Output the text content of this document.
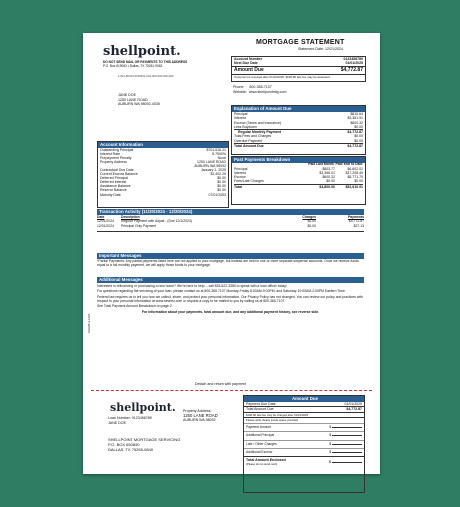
MORTGAGE STATEMENT
Statement Date: 12/21/2024
shellpoint.
DO NOT SEND MAIL OR PAYMENTS TO THIS ADDRESS
P.O. Box 619063 • Dallas, TX 75261-9063
1-811-86434-0000621-001-000-000-000-000
JANE DOE
1250 LANE ROAD
AUBURN WA 98092-4035
Account Number	0123456789
Next Due Date	01/01/2025
Amount Due	$4,772.87
If payment is received after 01/16/2025, $190.90 late fee may be assessed
Phone: 800-365-7107
Website: www.shellpointmtg.com
Explanation of Amount Due
Principal	$810.64
Interest	$3,361.91
Escrow (Taxes and Insurance)	$600.32
Less Buydown	$0.00
Regular Monthly Payment	$4,772.87
Total Fees and Charges	$0.00
Overdue Payment	$0.00
Total Amount Due	$4,772.87
Account Information
Outstanding Principal	$701,616.21
Interest Rate	5.7500%
Prepayment Penalty	None
Property Address	1250 LANE ROAD
AUBURN WA 98092
Contractual Due Date	January 1, 2025
Current Escrow Balance	$2,402.29
Deferred Principal	$0.00
Deferred Interest	$0.00
Assistance Balance	$0.00
Reserve Balance	$0.00
Maturity Date	07/01/2053
Past Payments Breakdown
Paid Last Month Paid Year to Date
Principal	$803.77	$6,602.02
Interest	$3,366.01	$37,208.49
Escrow	$600.32	$8,771.70
Fees/Late Charges	$0.00	$0.00
Total	$4,800.00	$52,610.91
Transaction Activity (11/20/2024 - 12/20/2024)
Date	Description	Charges	Payments
12/01/2024	Regular Payment with Adjust - (Due 12/1/2024)	$0.00	$4,772.87
12/01/2024	Principal Only Payment	$0.00	$27.13
Important Messages
*Partial Payments: Any partial payments listed here are not applied to your mortgage, but instead are held in one or more separate suspense accounts. Once we receive funds equal to a full monthly payment, we will apply those funds to your mortgage.
Additional Messages
Interested in refinancing or purchasing a new home? We're here to help -- call 833-622-3380 to speak with a loan officer today!
For questions regarding the servicing of your loan, please contact us at 800-365-7107 Monday-Friday 8:00AM-9:00PM, and Saturday 10:00AM-2:00PM Eastern Time.
Federal law requires us to tell you how we collect, share, and protect your personal information. Our Privacy Policy has not changed. You can review our policy and practices with respect to your personal information at www.newrez.com or request a copy to be mailed to you by calling us at 800-365-7107.
See Total Payment Amount Breakdown on page 2.
For information about your payments, total amount due, and any additional payment history, see reverse side.
SHLMS-4-1220
Detach and return with payment
shellpoint.
Loan Number: 0123456789
JANE DOE
Property Address:
1250 LANE ROAD
AUBURN WA 98092
SHELLPOINT MORTGAGE SERVICING
P.O. BOX 650840
DALLAS, TX 75265-0840
Amount Due
Payment Due Date	01/01/2025
Total Amount Due	$4,772.87
$190.90 late fee may be charged after 01/16/2025
Please write clearly inside space provided
Payment Amount	$
Additional Principal	$
Late / Other Charges	$
Additional Escrow	$
Total Amount Enclosed
(Please do not send cash)
$
